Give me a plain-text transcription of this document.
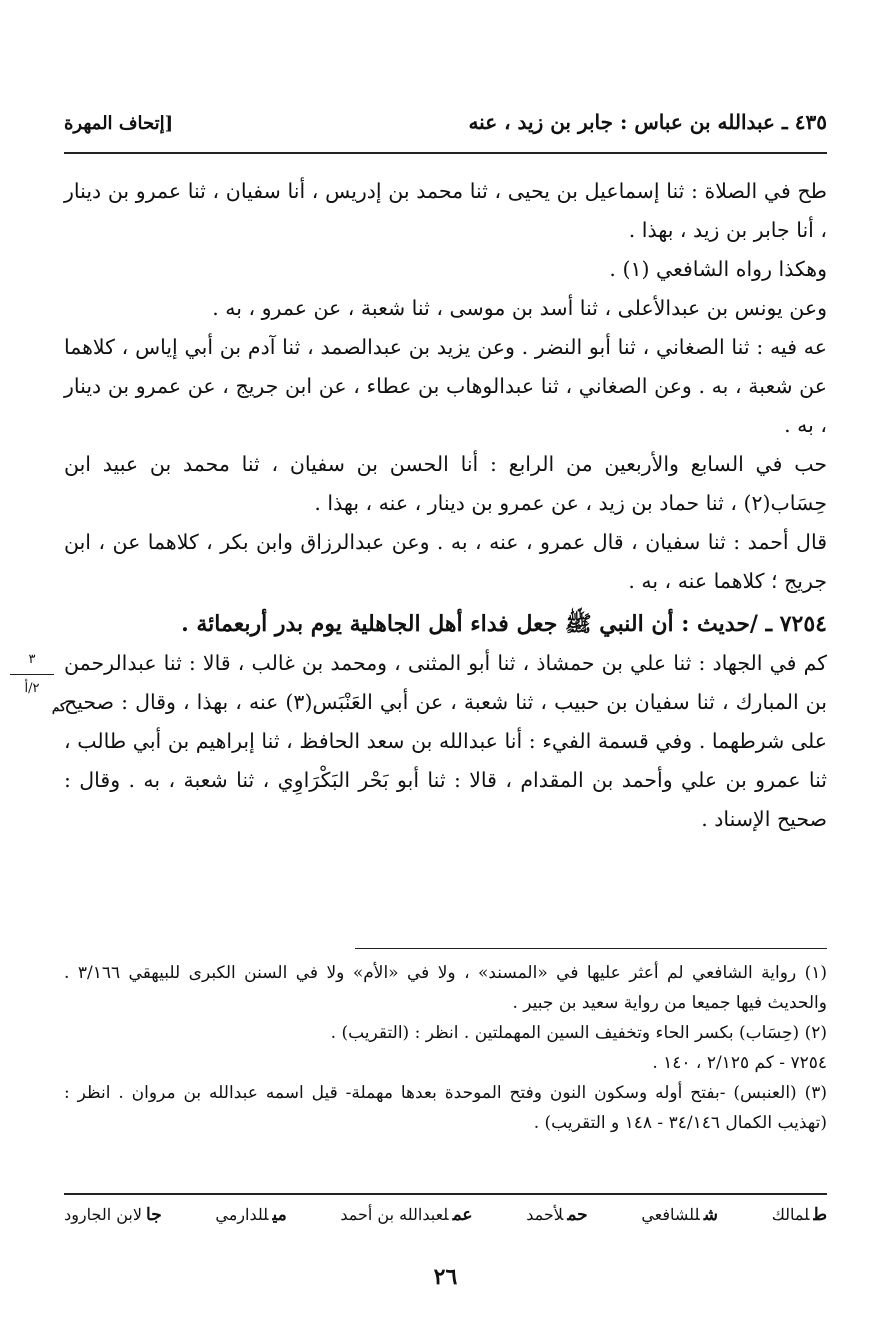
٤٣٥ ـ عبدالله بن عباس : جابر بن زيد ، عنه
[إتحاف المهرة
٣
٢/أ
كم

طح في الصلاة : ثنا إسماعيل بن يحيى ، ثنا محمد بن إدريس ، أنا سفيان ، ثنا عمرو بن دينار ، أنا جابر بن زيد ، بهذا .

وهكذا رواه الشافعي (١) .

وعن يونس بن عبدالأعلى ، ثنا أسد بن موسى ، ثنا شعبة ، عن عمرو ، به .

عه فيه : ثنا الصغاني ، ثنا أبو النضر . وعن يزيد بن عبدالصمد ، ثنا آدم بن أبي إياس ، كلاهما عن شعبة ، به . وعن الصغاني ، ثنا عبدالوهاب بن عطاء ، عن ابن جريج ، عن عمرو بن دينار ، به .

حب في السابع والأربعين من الرابع : أنا الحسن بن سفيان ، ثنا محمد بن عبيد ابن حِسَاب(٢) ، ثنا حماد بن زيد ، عن عمرو بن دينار ، عنه ، بهذا .

قال أحمد : ثنا سفيان ، قال عمرو ، عنه ، به . وعن عبدالرزاق وابن بكر ، كلاهما عن ، ابن جريج ؛ كلاهما عنه ، به .

٧٢٥٤ ـ /حديث : أن النبي ﷺ جعل فداء أهل الجاهلية يوم بدر أربعمائة .

كم في الجهاد : ثنا علي بن حمشاذ ، ثنا أبو المثنى ، ومحمد بن غالب ، قالا : ثنا عبدالرحمن بن المبارك ، ثنا سفيان بن حبيب ، ثنا شعبة ، عن أبي العَنْبَس(٣) عنه ، بهذا ، وقال : صحيح على شرطهما . وفي قسمة الفيء : أنا عبدالله بن سعد الحافظ ، ثنا إبراهيم بن أبي طالب ، ثنا عمرو بن علي وأحمد بن المقدام ، قالا : ثنا أبو بَحْر البَكْرَاوِي ، ثنا شعبة ، به . وقال : صحيح الإسناد .

(١) رواية الشافعي لم أعثر عليها في «المسند» ، ولا في «الأم» ولا في السنن الكبرى للبيهقي ٣/١٦٦ . والحديث فيها جميعا من رواية سعيد بن جبير .

(٢) (حِسَاب) بكسر الحاء وتخفيف السين المهملتين . انظر : (التقريب) .

٧٢٥٤ - كم ٢/١٢٥ ، ١٤٠ .

(٣) (العنبس) -بفتح أوله وسكون النون وفتح الموحدة بعدها مهملة- قيل اسمه عبدالله بن مروان . انظر : (تهذيب الكمال ٣٤/١٤٦ - ١٤٨ و التقريب) .

طلمالك
شللشافعي
حملأحمد
عملعبدالله بن أحمد
ميللدارمي
جالابن الجارود
٢٦
